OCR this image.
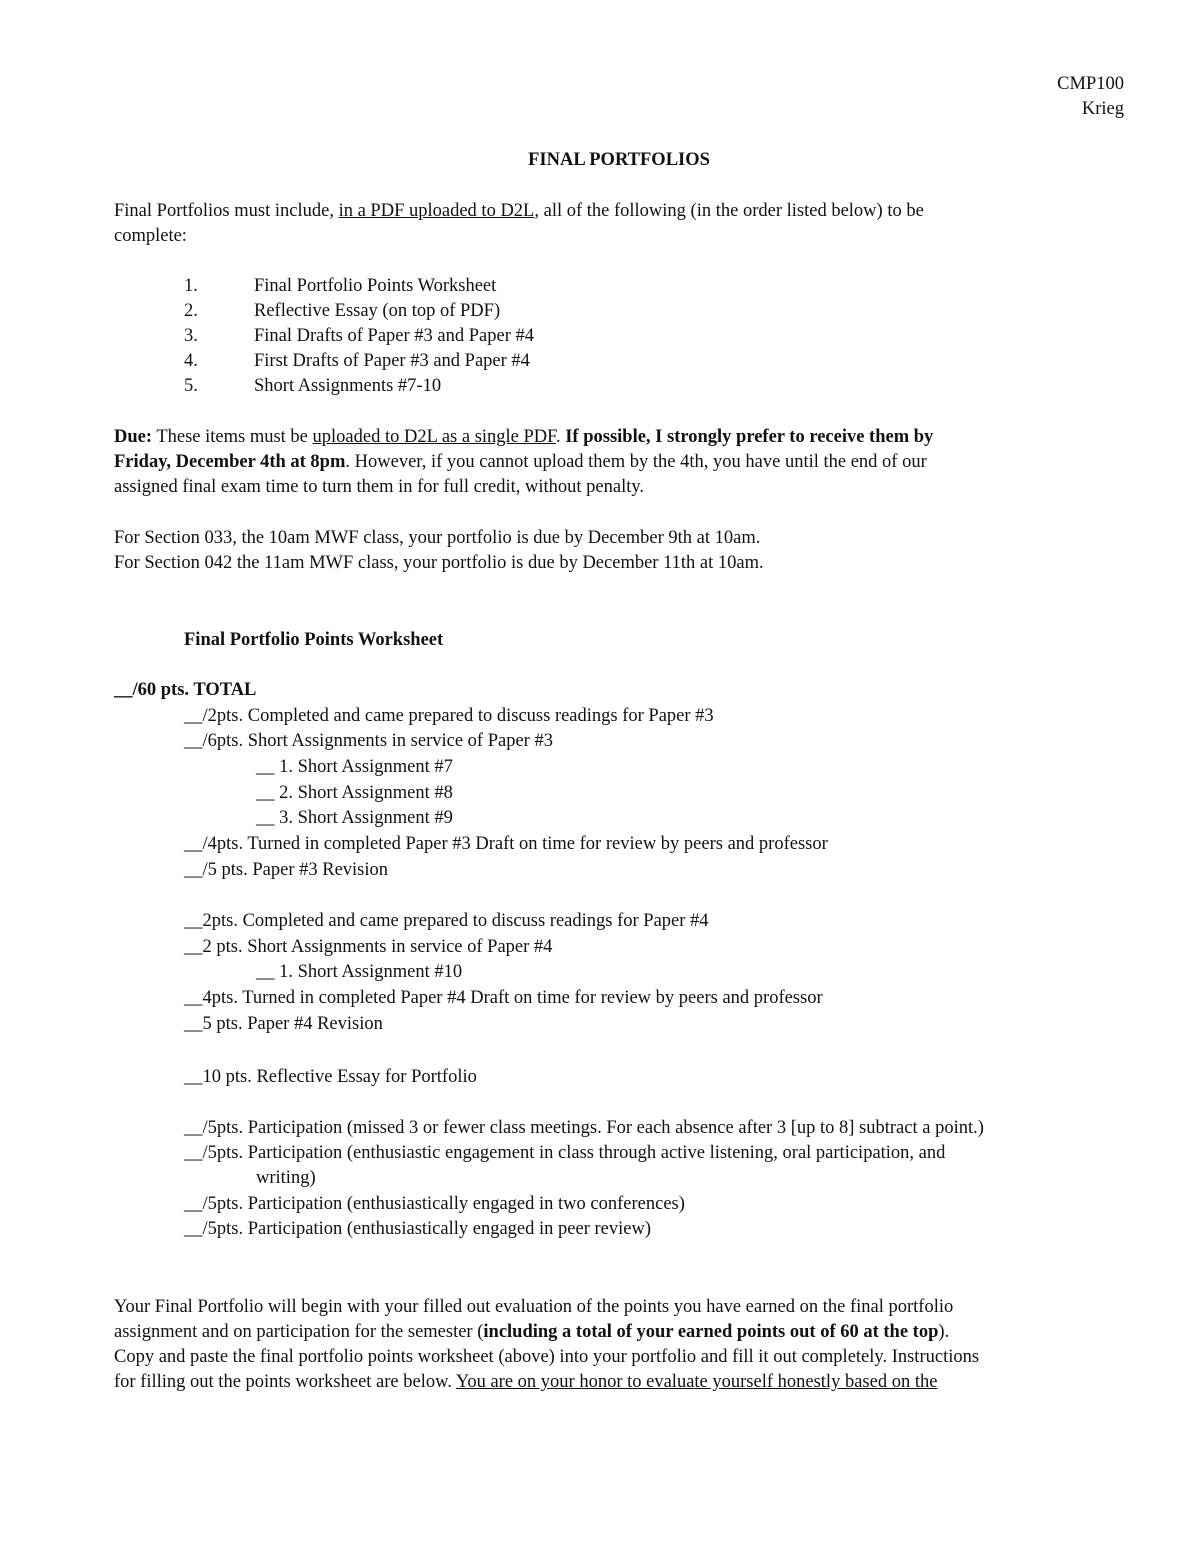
CMP100
Krieg
FINAL PORTFOLIOS
Final Portfolios must include, in a PDF uploaded to D2L, all of the following (in the order listed below) to be
complete:
1.	Final Portfolio Points Worksheet
2.	Reflective Essay (on top of PDF)
3.	Final Drafts of Paper #3 and Paper #4
4.	First Drafts of Paper #3 and Paper #4
5.	Short Assignments #7-10
Due: These items must be uploaded to D2L as a single PDF. If possible, I strongly prefer to receive them by
Friday, December 4th at 8pm. However, if you cannot upload them by the 4th, you have until the end of our
assigned final exam time to turn them in for full credit, without penalty.
For Section 033, the 10am MWF class, your portfolio is due by December 9th at 10am.
For Section 042 the 11am MWF class, your portfolio is due by December 11th at 10am.
Final Portfolio Points Worksheet
__/60 pts. TOTAL
__/2pts. Completed and came prepared to discuss readings for Paper #3
__/6pts. Short Assignments in service of Paper #3
__ 1. Short Assignment #7
__ 2. Short Assignment #8
__ 3. Short Assignment #9
__/4pts. Turned in completed Paper #3 Draft on time for review by peers and professor
__/5 pts. Paper #3 Revision
__2pts. Completed and came prepared to discuss readings for Paper #4
__2 pts. Short Assignments in service of Paper #4
__ 1. Short Assignment #10
__4pts. Turned in completed Paper #4 Draft on time for review by peers and professor
__5 pts. Paper #4 Revision
__10 pts. Reflective Essay for Portfolio
__/5pts. Participation (missed 3 or fewer class meetings. For each absence after 3 [up to 8] subtract a point.)
__/5pts. Participation (enthusiastic engagement in class through active listening, oral participation, and
writing)
__/5pts. Participation (enthusiastically engaged in two conferences)
__/5pts. Participation (enthusiastically engaged in peer review)
Your Final Portfolio will begin with your filled out evaluation of the points you have earned on the final portfolio
assignment and on participation for the semester (including a total of your earned points out of 60 at the top).
Copy and paste the final portfolio points worksheet (above) into your portfolio and fill it out completely. Instructions
for filling out the points worksheet are below. You are on your honor to evaluate yourself honestly based on the
